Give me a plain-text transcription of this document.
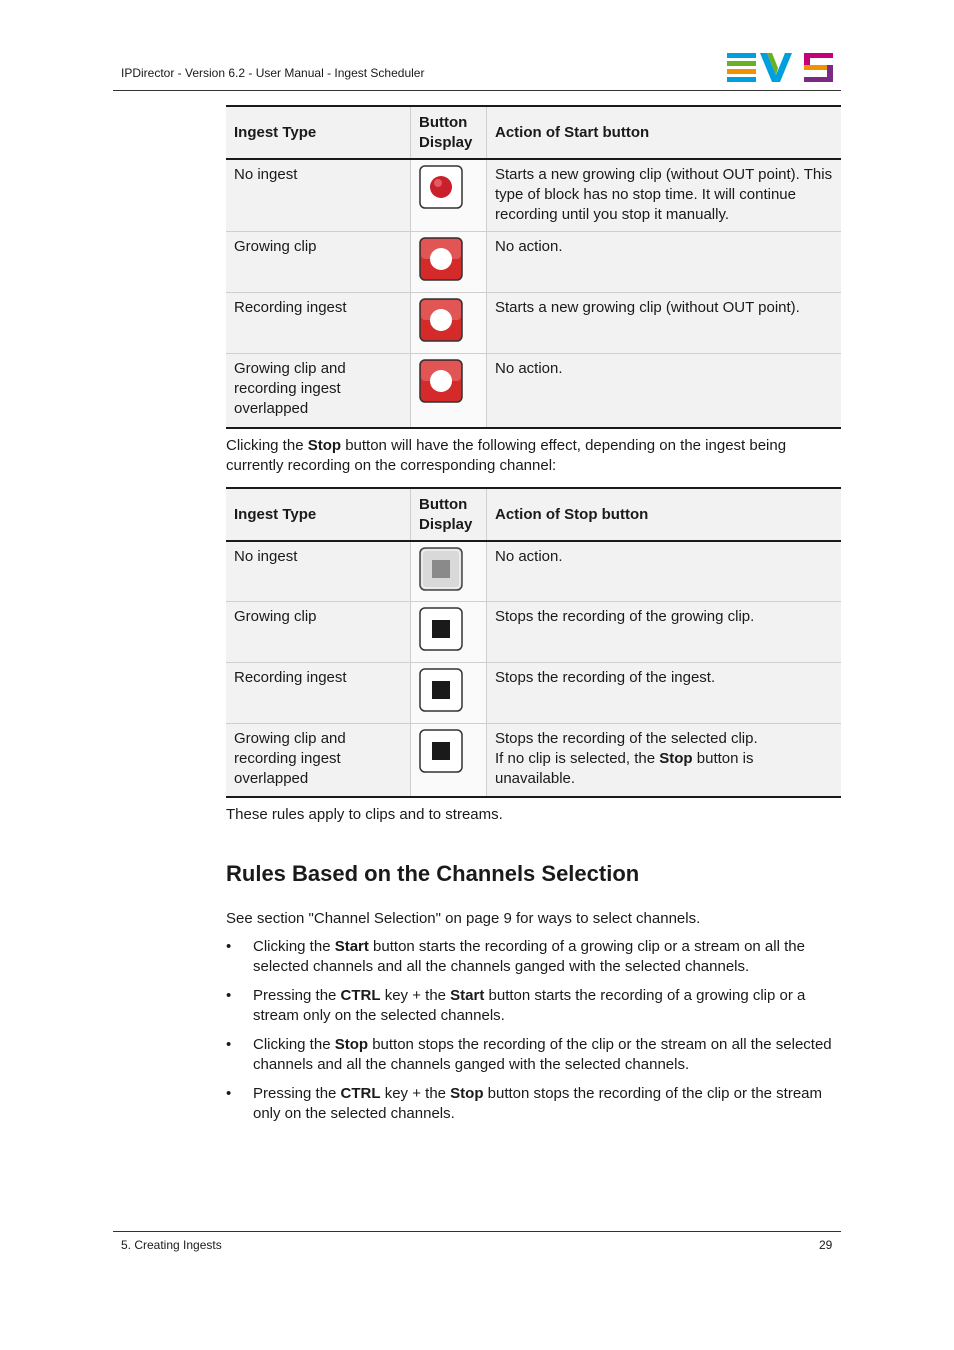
IPDirector - Version 6.2 - User Manual - Ingest Scheduler
Ingest Type	Button Display	Action of Start button
No ingest		Starts a new growing clip (without OUT point). This type of block has no stop time. It will continue recording until you stop it manually.
Growing clip		No action.
Recording ingest		Starts a new growing clip (without OUT point).
Growing clip and recording ingest overlapped		No action.

Clicking the Stop button will have the following effect, depending on the ingest being currently recording on the corresponding channel:

Ingest Type	Button Display	Action of Stop button
No ingest		No action.
Growing clip		Stops the recording of the growing clip.
Recording ingest		Stops the recording of the ingest.
Growing clip and recording ingest overlapped		Stops the recording of the selected clip.
If no clip is selected, the Stop button is unavailable.

These rules apply to clips and to streams.

Rules Based on the Channels Selection

See section "Channel Selection" on page 9 for ways to select channels.

• Clicking the Start button starts the recording of a growing clip or a stream on all the selected channels and all the channels ganged with the selected channels.
• Pressing the CTRL key + the Start button starts the recording of a growing clip or a stream only on the selected channels.
• Clicking the Stop button stops the recording of the clip or the stream on all the selected channels and all the channels ganged with the selected channels.
• Pressing the CTRL key + the Stop button stops the recording of the clip or the stream only on the selected channels.
5. Creating Ingests	29
